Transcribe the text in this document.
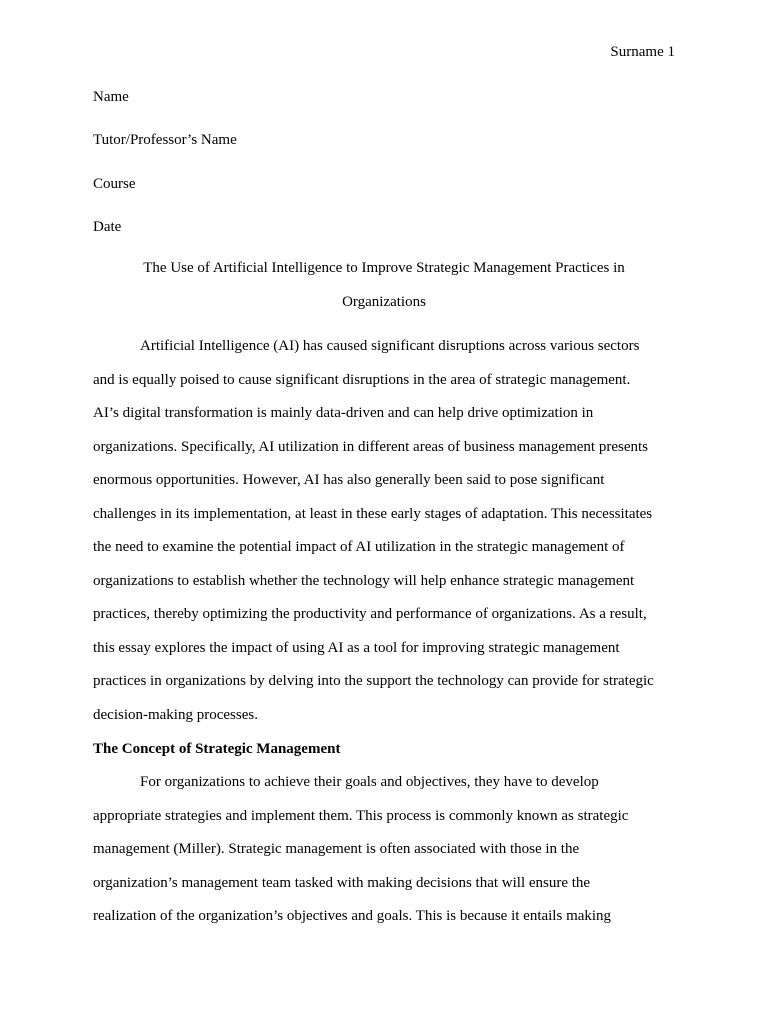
Surname 1
Name
Tutor/Professor’s Name
Course
Date
The Use of Artificial Intelligence to Improve Strategic Management Practices in
Organizations
Artificial Intelligence (AI) has caused significant disruptions across various sectors
and is equally poised to cause significant disruptions in the area of strategic management.
AI’s digital transformation is mainly data-driven and can help drive optimization in
organizations. Specifically, AI utilization in different areas of business management presents
enormous opportunities. However, AI has also generally been said to pose significant
challenges in its implementation, at least in these early stages of adaptation. This necessitates
the need to examine the potential impact of AI utilization in the strategic management of
organizations to establish whether the technology will help enhance strategic management
practices, thereby optimizing the productivity and performance of organizations. As a result,
this essay explores the impact of using AI as a tool for improving strategic management
practices in organizations by delving into the support the technology can provide for strategic
decision-making processes.
The Concept of Strategic Management
For organizations to achieve their goals and objectives, they have to develop
appropriate strategies and implement them. This process is commonly known as strategic
management (Miller). Strategic management is often associated with those in the
organization’s management team tasked with making decisions that will ensure the
realization of the organization’s objectives and goals. This is because it entails making
